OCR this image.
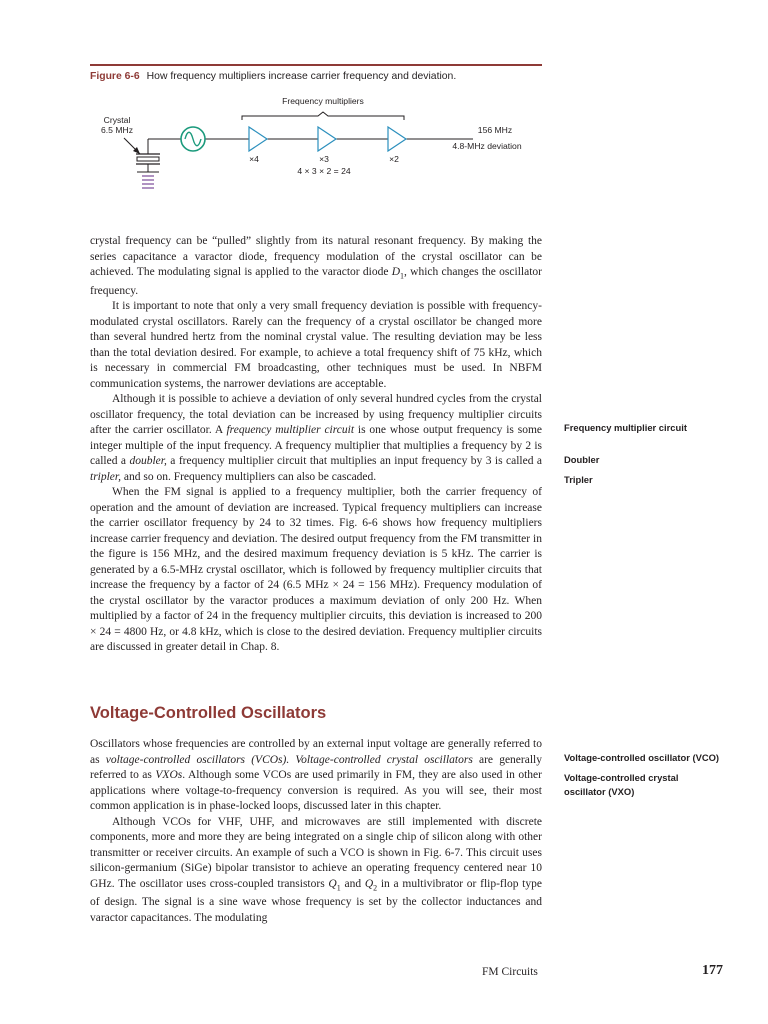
Figure 6-6 How frequency multipliers increase carrier frequency and deviation.
Frequency multipliers
Crystal
6.5 MHz
×4	×3	×2
4 × 3 × 2 = 24
156 MHz
4.8-MHz deviation

crystal frequency can be “pulled” slightly from its natural resonant frequency. By making the series capacitance a varactor diode, frequency modulation of the crystal oscillator can be achieved. The modulating signal is applied to the varactor diode $D_1$, which changes the oscillator frequency.

It is important to note that only a very small frequency deviation is possible with frequency-modulated crystal oscillators. Rarely can the frequency of a crystal oscillator be changed more than several hundred hertz from the nominal crystal value. The resulting deviation may be less than the total deviation desired. For example, to achieve a total frequency shift of 75 kHz, which is necessary in commercial FM broadcasting, other techniques must be used. In NBFM communication systems, the narrower deviations are acceptable.

Although it is possible to achieve a deviation of only several hundred cycles from the crystal oscillator frequency, the total deviation can be increased by using frequency multiplier circuits after the carrier oscillator. A frequency multiplier circuit is one whose output frequency is some integer multiple of the input frequency. A frequency multiplier that multiplies a frequency by 2 is called a doubler, a frequency multiplier circuit that multiplies an input frequency by 3 is called a tripler, and so on. Frequency multipliers can also be cascaded.

When the FM signal is applied to a frequency multiplier, both the carrier frequency of operation and the amount of deviation are increased. Typical frequency multipliers can increase the carrier oscillator frequency by 24 to 32 times. Fig. 6-6 shows how frequency multipliers increase carrier frequency and deviation. The desired output frequency from the FM transmitter in the figure is 156 MHz, and the desired maximum frequency deviation is 5 kHz. The carrier is generated by a 6.5-MHz crystal oscillator, which is followed by frequency multiplier circuits that increase the frequency by a factor of 24 (6.5 MHz × 24 = 156 MHz). Frequency modulation of the crystal oscillator by the varactor produces a maximum deviation of only 200 Hz. When multiplied by a factor of 24 in the frequency multiplier circuits, this deviation is increased to 200 × 24 = 4800 Hz, or 4.8 kHz, which is close to the desired deviation. Frequency multiplier circuits are discussed in greater detail in Chap. 8.

Voltage-Controlled Oscillators

Oscillators whose frequencies are controlled by an external input voltage are generally referred to as voltage-controlled oscillators (VCOs). Voltage-controlled crystal oscillators are generally referred to as VXOs. Although some VCOs are used primarily in FM, they are also used in other applications where voltage-to-frequency conversion is required. As you will see, their most common application is in phase-locked loops, discussed later in this chapter.

Although VCOs for VHF, UHF, and microwaves are still implemented with discrete components, more and more they are being integrated on a single chip of silicon along with other transmitter or receiver circuits. An example of such a VCO is shown in Fig. 6-7. This circuit uses silicon-germanium (SiGe) bipolar transistor to achieve an operating frequency centered near 10 GHz. The oscillator uses cross-coupled transistors $Q_1$ and $Q_2$ in a multivibrator or flip-flop type of design. The signal is a sine wave whose frequency is set by the collector inductances and varactor capacitances. The modulating

Frequency multiplier circuit
Doubler
Tripler
Voltage-controlled oscillator (VCO)
Voltage-controlled crystal oscillator (VXO)
FM Circuits	177
